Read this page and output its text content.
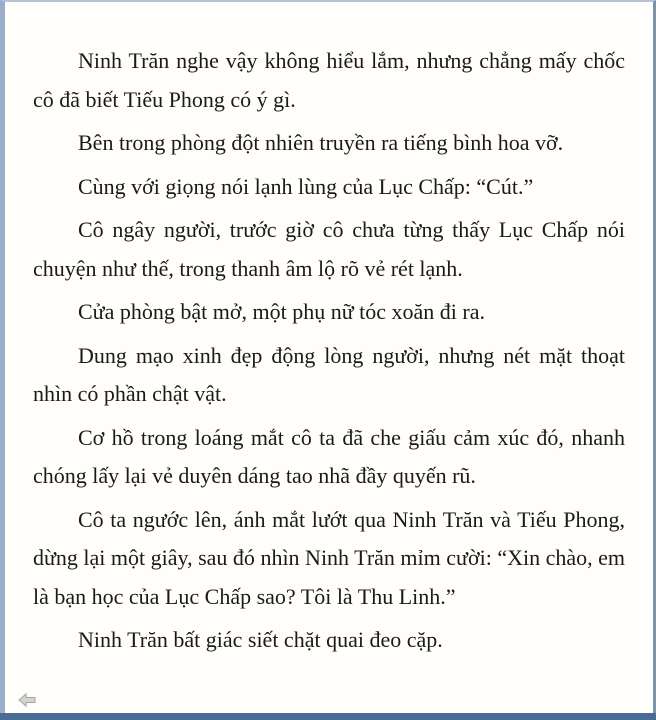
Ninh Trăn nghe vậy không hiểu lắm, nhưng chẳng mấy chốc cô đã biết Tiếu Phong có ý gì.

Bên trong phòng đột nhiên truyền ra tiếng bình hoa vỡ.

Cùng với giọng nói lạnh lùng của Lục Chấp: “Cút.”

Cô ngây người, trước giờ cô chưa từng thấy Lục Chấp nói chuyện như thế, trong thanh âm lộ rõ vẻ rét lạnh.

Cửa phòng bật mở, một phụ nữ tóc xoăn đi ra.

Dung mạo xinh đẹp động lòng người, nhưng nét mặt thoạt nhìn có phần chật vật.

Cơ hồ trong loáng mắt cô ta đã che giấu cảm xúc đó, nhanh chóng lấy lại vẻ duyên dáng tao nhã đầy quyến rũ.

Cô ta ngước lên, ánh mắt lướt qua Ninh Trăn và Tiếu Phong, dừng lại một giây, sau đó nhìn Ninh Trăn mỉm cười: “Xin chào, em là bạn học của Lục Chấp sao? Tôi là Thu Linh.”

Ninh Trăn bất giác siết chặt quai đeo cặp.
